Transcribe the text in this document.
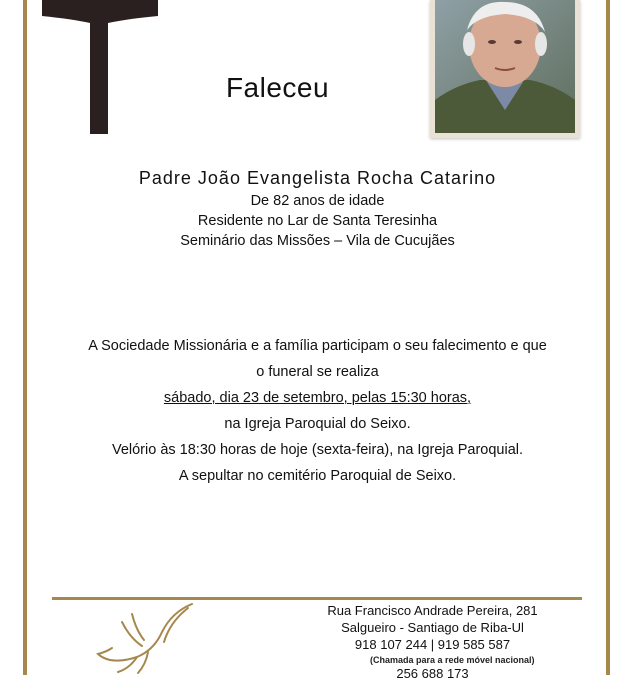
Faleceu
Padre João Evangelista Rocha Catarino
De 82 anos de idade
Residente no Lar de Santa Teresinha
Seminário das Missões – Vila de Cucujães
A Sociedade Missionária e a família participam o seu falecimento e que
o funeral se realiza
sábado, dia 23 de setembro, pelas 15:30 horas,
na Igreja Paroquial do Seixo.
Velório às 18:30 horas de hoje (sexta-feira), na Igreja Paroquial.
A sepultar no cemitério Paroquial de Seixo.
Rua Francisco Andrade Pereira, 281
Salgueiro - Santiago de Riba-Ul
918 107 244 | 919 585 587
(Chamada para a rede móvel nacional)
256 688 173
